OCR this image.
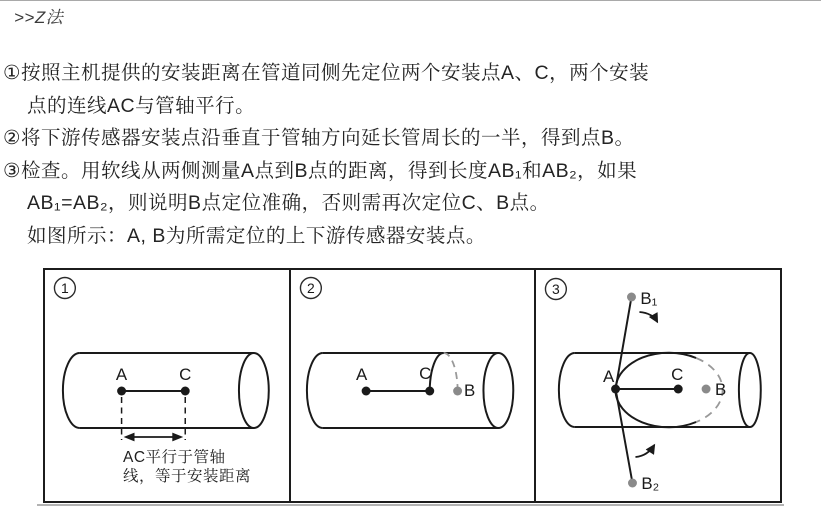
>>Z法
①按照主机提供的安装距离在管道同侧先定位两个安装点A、C，两个安装
点的连线AC与管轴平行。
②将下游传感器安装点沿垂直于管轴方向延长管周长的一半，得到点B。
③检查。用软线从两侧测量A点到B点的距离，得到长度AB₁和AB₂，如果
AB₁=AB₂，则说明B点定位准确，否则需再次定位C、B点。
如图所示：A, B为所需定位的上下游传感器安装点。
1
A	C
AC平行于管轴
线，等于安装距离
2
A	C
B
3
A	C
B
B₁
B₂
